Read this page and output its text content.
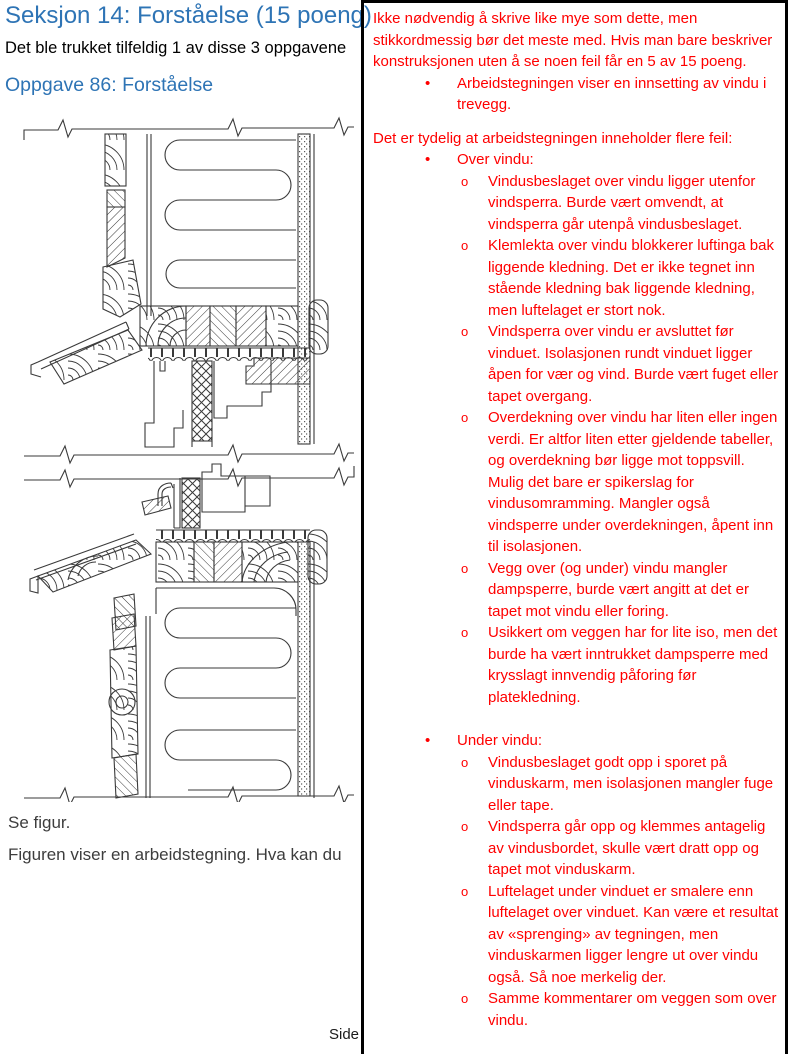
Seksjon 14: Forståelse (15 poeng)

Det ble trukket tilfeldig 1 av disse 3 oppgavene

Oppgave 86: Forståelse

Se figur.

Figuren viser en arbeidstegning. Hva kan du

Side

Ikke nødvendig å skrive like mye som dette, men stikkordmessig bør det meste med. Hvis man bare beskriver konstruksjonen uten å se noen feil får en 5 av 15 poeng.

•	Arbeidstegningen viser en innsetting av vindu i trevegg.

Det er tydelig at arbeidstegningen inneholder flere feil:

•	Over vindu:
o	Vindusbeslaget over vindu ligger utenfor vindsperra. Burde vært omvendt, at vindsperra går utenpå vindusbeslaget.
o	Klemlekta over vindu blokkerer luftinga bak liggende kledning. Det er ikke tegnet inn stående kledning bak liggende kledning, men luftelaget er stort nok.
o	Vindsperra over vindu er avsluttet før vinduet. Isolasjonen rundt vinduet ligger åpen for vær og vind. Burde vært fuget eller tapet overgang.
o	Overdekning over vindu har liten eller ingen verdi. Er altfor liten etter gjeldende tabeller, og overdekning bør ligge mot toppsvill. Mulig det bare er spikerslag for vindusomramming. Mangler også vindsperre under overdekningen, åpent inn til isolasjonen.
o	Vegg over (og under) vindu mangler dampsperre, burde vært angitt at det er tapet mot vindu eller foring.
o	Usikkert om veggen har for lite iso, men det burde ha vært inntrukket dampsperre med krysslagt innvendig påforing før platekledning.
•	Under vindu:
o	Vindusbeslaget godt opp i sporet på vinduskarm, men isolasjonen mangler fuge eller tape.
o	Vindsperra går opp og klemmes antagelig av vindusbordet, skulle vært dratt opp og tapet mot vinduskarm.
o	Luftelaget under vinduet er smalere enn luftelaget over vinduet. Kan være et resultat av «sprenging» av tegningen, men vinduskarmen ligger lengre ut over vindu også. Så noe merkelig der.
o	Samme kommentarer om veggen som over vindu.
